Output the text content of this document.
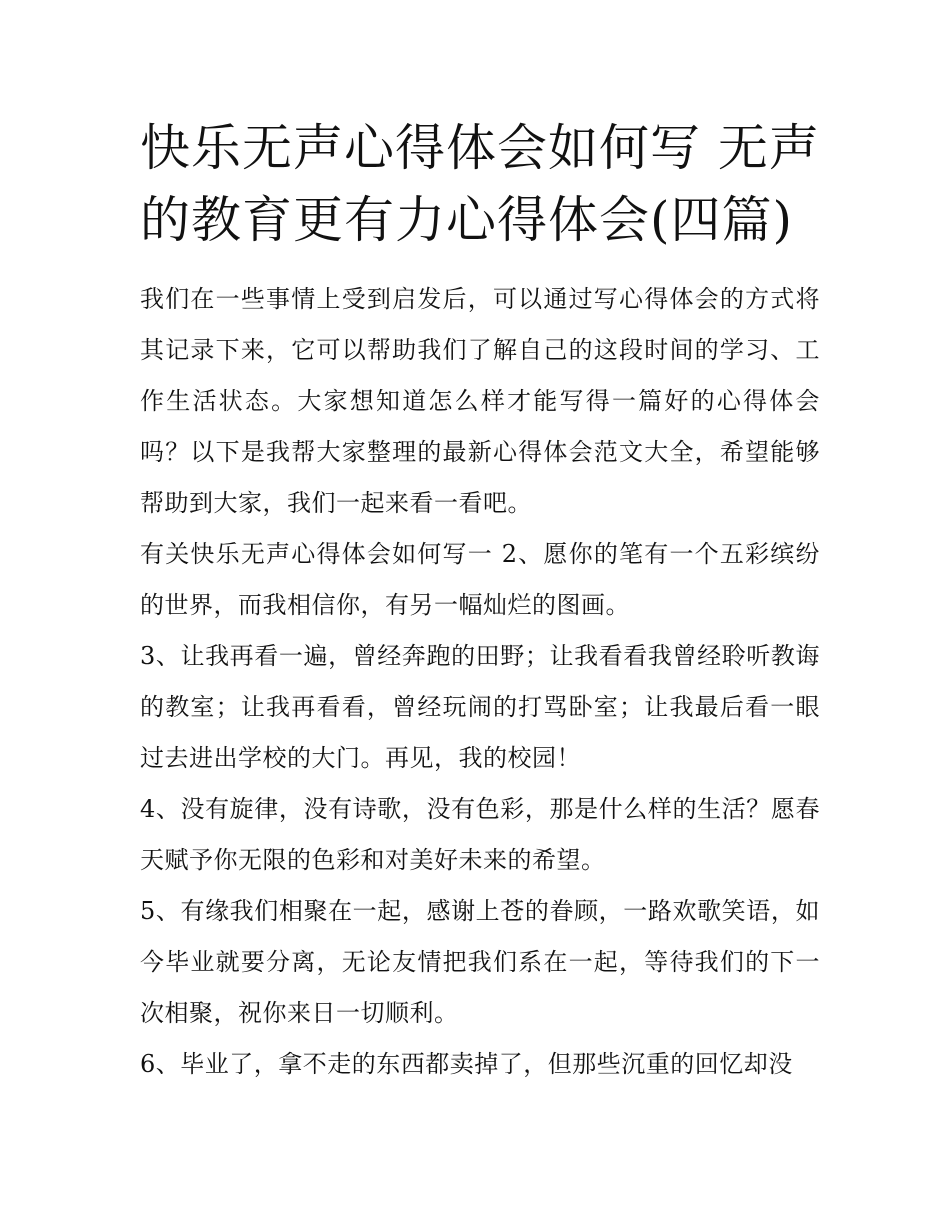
快乐无声心得体会如何写 无声的教育更有力心得体会(四篇)

我们在一些事情上受到启发后，可以通过写心得体会的方式将其记录下来，它可以帮助我们了解自己的这段时间的学习、工作生活状态。大家想知道怎么样才能写得一篇好的心得体会吗？以下是我帮大家整理的最新心得体会范文大全，希望能够帮助到大家，我们一起来看一看吧。

有关快乐无声心得体会如何写一 2、愿你的笔有一个五彩缤纷的世界，而我相信你，有另一幅灿烂的图画。

3、让我再看一遍，曾经奔跑的田野；让我看看我曾经聆听教诲的教室；让我再看看，曾经玩闹的打骂卧室；让我最后看一眼过去进出学校的大门。再见，我的校园！

4、没有旋律，没有诗歌，没有色彩，那是什么样的生活？愿春天赋予你无限的色彩和对美好未来的希望。

5、有缘我们相聚在一起，感谢上苍的眷顾，一路欢歌笑语，如今毕业就要分离，无论友情把我们系在一起，等待我们的下一次相聚，祝你来日一切顺利。

6、毕业了，拿不走的东西都卖掉了，但那些沉重的回忆却没
